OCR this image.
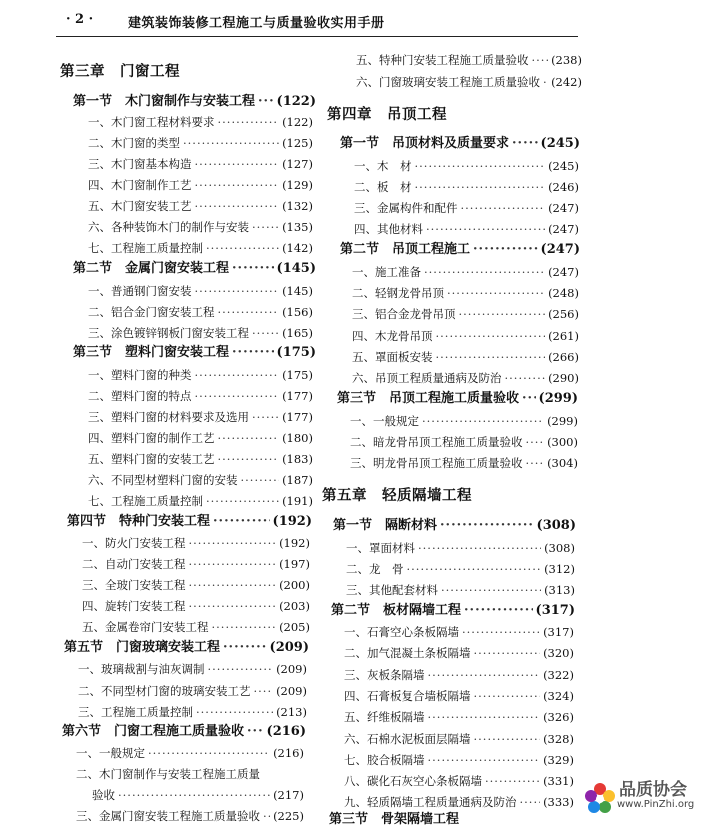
· 2 ·	建筑装饰装修工程施工与质量验收实用手册
第三章　门窗工程
第一节　木门窗制作与安装工程 ····· (122)
一、木门窗工程材料要求 ·····	(122)
二、木门窗的类型 ·····	(125)
三、木门窗基本构造 ·····	(127)
四、木门窗制作工艺 ·····	(129)
五、木门窗安装工艺 ·····	(132)
六、各种装饰木门的制作与安装 ·····	(135)
七、工程施工质量控制 ·····	(142)
第二节　金属门窗安装工程 ·····	(145)
一、普通钢门窗安装 ·····	(145)
二、铝合金门窗安装工程 ·····	(156)
三、涂色镀锌钢板门窗安装工程 ·····	(165)
第三节　塑料门窗安装工程 ·····	(175)
一、塑料门窗的种类 ·····	(175)
二、塑料门窗的特点 ·····	(177)
三、塑料门窗的材料要求及选用 ·····	(177)
四、塑料门窗的制作工艺 ·····	(180)
五、塑料门窗的安装工艺 ·····	(183)
六、不同型材塑料门窗的安装 ·····	(187)
七、工程施工质量控制 ·····	(191)
第四节　特种门安装工程 ·····	(192)
一、防火门安装工程 ·····	(192)
二、自动门安装工程 ·····	(197)
三、全玻门安装工程 ·····	(200)
四、旋转门安装工程 ·····	(203)
五、金属卷帘门安装工程 ·····	(205)
第五节　门窗玻璃安装工程 ·····	(209)
一、玻璃裁割与油灰调制 ·····	(209)
二、不同型材门窗的玻璃安装工艺 ····· (209)
三、工程施工质量控制 ·····	(213)
第六节　门窗工程施工质量验收 ····· (216)
一、一般规定 ·····	(216)
二、木门窗制作与安装工程施工质量
验收 ·····	(217)
三、金属门窗安装工程施工质量验收 ····· (225)
五、特种门安装工程施工质量验收 ····· (238)
六、门窗玻璃安装工程施工质量验收 ····· (242)
第四章　吊顶工程
第一节　吊顶材料及质量要求 ····· (245)
一、木　材 ·····	(245)
二、板　材 ·····	(246)
三、金属构件和配件 ·····	(247)
四、其他材料 ·····	(247)
第二节　吊顶工程施工 ·····	(247)
一、施工准备 ·····	(247)
二、轻钢龙骨吊顶 ·····	(248)
三、铝合金龙骨吊顶 ·····	(256)
四、木龙骨吊顶 ·····	(261)
五、罩面板安装 ·····	(266)
六、吊顶工程质量通病及防治 ·····	(290)
第三节　吊顶工程施工质量验收 ····· (299)
一、一般规定 ·····	(299)
二、暗龙骨吊顶工程施工质量验收 ····· (300)
三、明龙骨吊顶工程施工质量验收 ····· (304)
第五章　轻质隔墙工程
第一节　隔断材料 ·····	(308)
一、罩面材料 ·····	(308)
二、龙　骨 ·····	(312)
三、其他配套材料 ·····	(313)
第二节　板材隔墙工程 ·····	(317)
一、石膏空心条板隔墙 ·····	(317)
二、加气混凝土条板隔墙 ·····	(320)
三、灰板条隔墙 ·····	(322)
四、石膏板复合墙板隔墙 ·····	(324)
五、纤维板隔墙 ·····	(326)
六、石棉水泥板面层隔墙 ·····	(328)
七、胶合板隔墙 ·····	(329)
八、碳化石灰空心条板隔墙 ·····	(331)
九、轻质隔墙工程质量通病及防治 ····· (333)
第三节　骨架隔墙工程
品质协会
www.PinZhi.org
